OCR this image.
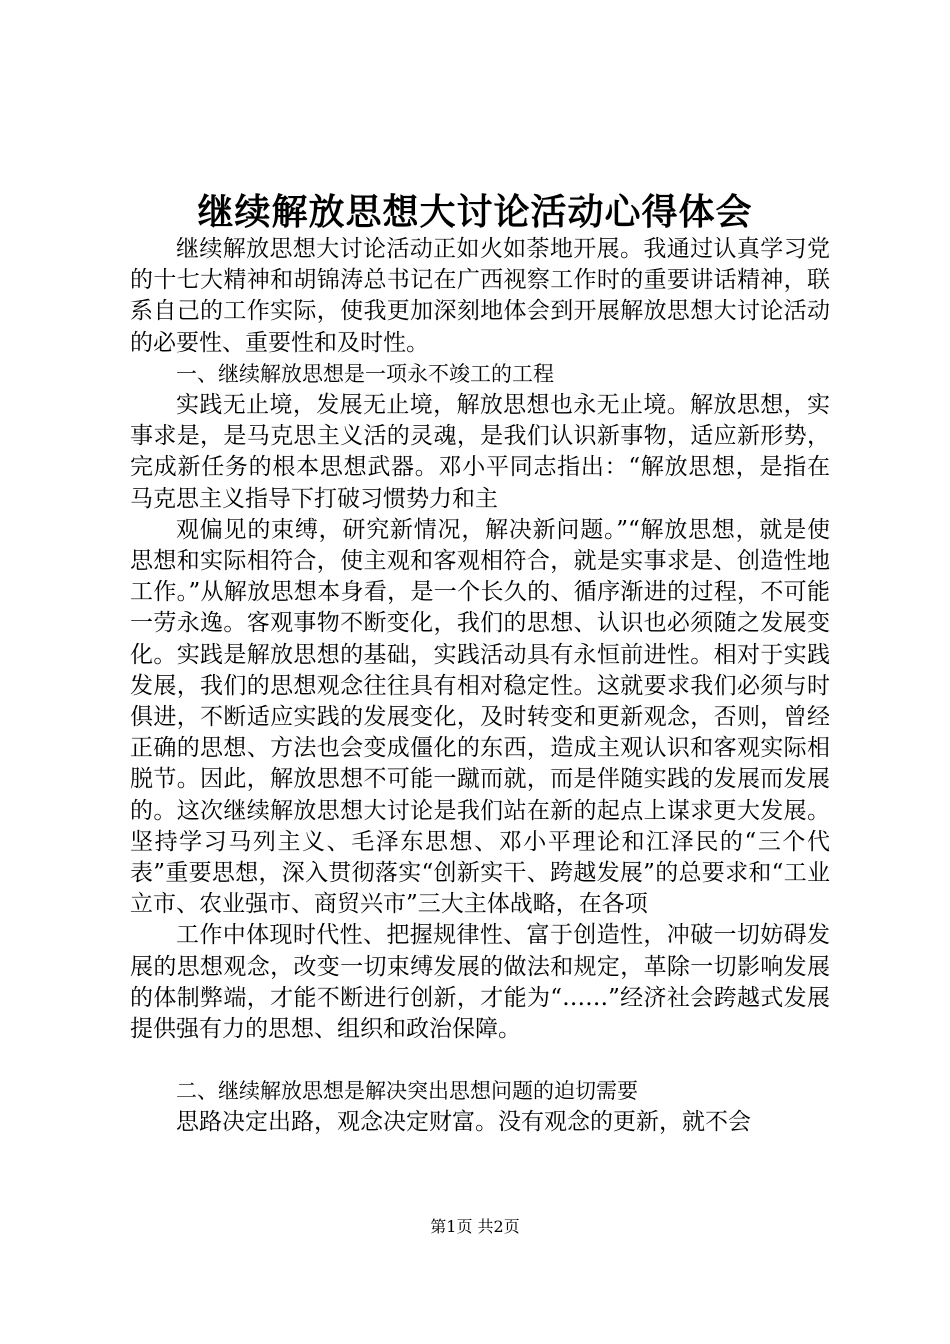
继续解放思想大讨论活动心得体会

继续解放思想大讨论活动正如火如荼地开展。我通过认真学习党的十七大精神和胡锦涛总书记在广西视察工作时的重要讲话精神，联系自己的工作实际，使我更加深刻地体会到开展解放思想大讨论活动的必要性、重要性和及时性。

一、继续解放思想是一项永不竣工的工程

实践无止境，发展无止境，解放思想也永无止境。解放思想，实事求是，是马克思主义活的灵魂，是我们认识新事物，适应新形势，完成新任务的根本思想武器。邓小平同志指出：“解放思想，是指在马克思主义指导下打破习惯势力和主

观偏见的束缚，研究新情况，解决新问题。”“解放思想，就是使思想和实际相符合，使主观和客观相符合，就是实事求是、创造性地工作。”从解放思想本身看，是一个长久的、循序渐进的过程，不可能一劳永逸。客观事物不断变化，我们的思想、认识也必须随之发展变化。实践是解放思想的基础，实践活动具有永恒前进性。相对于实践发展，我们的思想观念往往具有相对稳定性。这就要求我们必须与时俱进，不断适应实践的发展变化，及时转变和更新观念，否则，曾经正确的思想、方法也会变成僵化的东西，造成主观认识和客观实际相脱节。因此，解放思想不可能一蹴而就，而是伴随实践的发展而发展的。这次继续解放思想大讨论是我们站在新的起点上谋求更大发展。坚持学习马列主义、毛泽东思想、邓小平理论和江泽民的“三个代表”重要思想，深入贯彻落实“创新实干、跨越发展”的总要求和“工业立市、农业强市、商贸兴市”三大主体战略，在各项

工作中体现时代性、把握规律性、富于创造性，冲破一切妨碍发展的思想观念，改变一切束缚发展的做法和规定，革除一切影响发展的体制弊端，才能不断进行创新，才能为“……”经济社会跨越式发展提供强有力的思想、组织和政治保障。

二、继续解放思想是解决突出思想问题的迫切需要

思路决定出路，观念决定财富。没有观念的更新，就不会

第1页 共2页
